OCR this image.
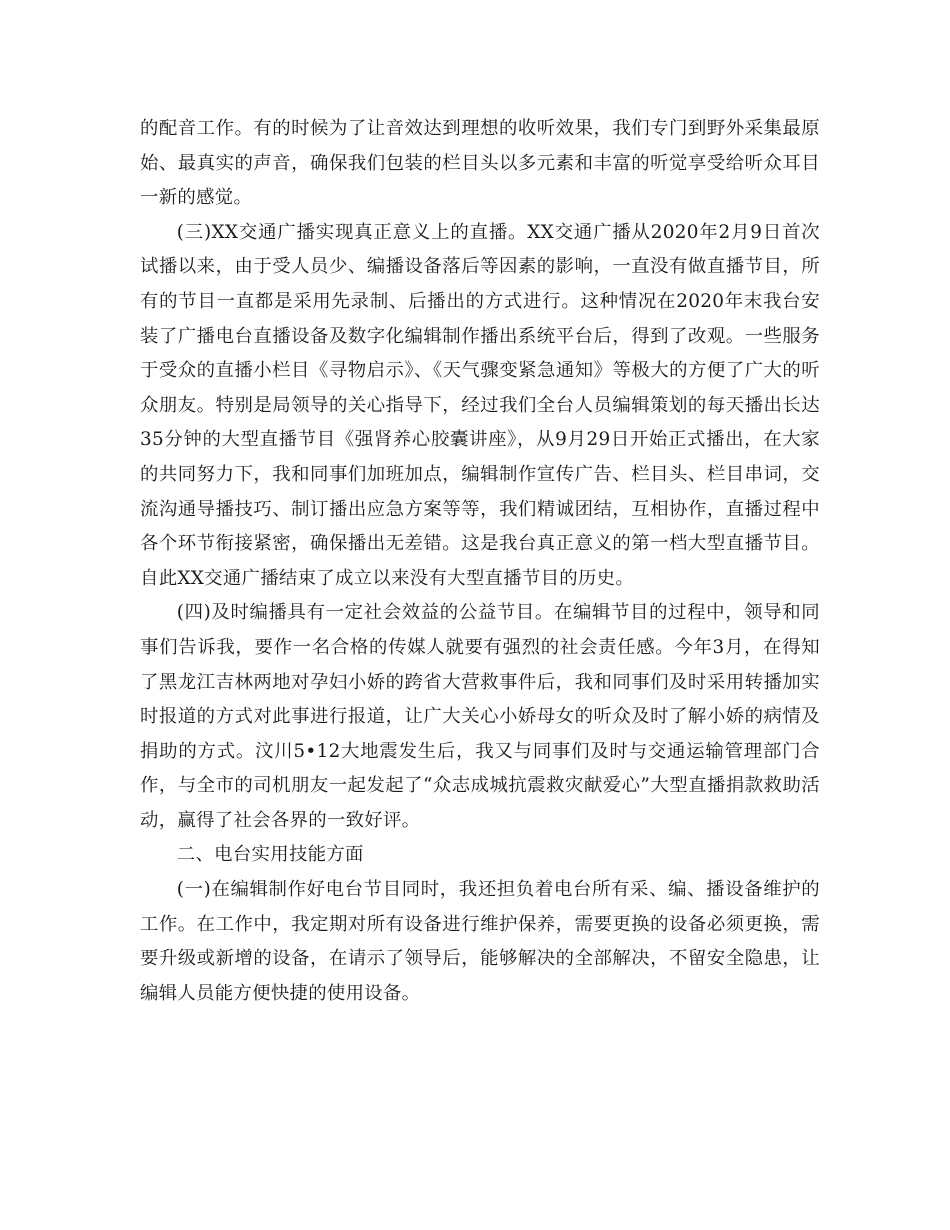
的配音工作。有的时候为了让音效达到理想的收听效果，我们专门到野外采集最原始、最真实的声音，确保我们包装的栏目头以多元素和丰富的听觉享受给听众耳目一新的感觉。

(三)XX交通广播实现真正意义上的直播。XX交通广播从2020年2月9日首次试播以来，由于受人员少、编播设备落后等因素的影响，一直没有做直播节目，所有的节目一直都是采用先录制、后播出的方式进行。这种情况在2020年末我台安装了广播电台直播设备及数字化编辑制作播出系统平台后，得到了改观。一些服务于受众的直播小栏目《寻物启示》、《天气骤变紧急通知》等极大的方便了广大的听众朋友。特别是局领导的关心指导下，经过我们全台人员编辑策划的每天播出长达35分钟的大型直播节目《强肾养心胶囊讲座》，从9月29日开始正式播出，在大家的共同努力下，我和同事们加班加点，编辑制作宣传广告、栏目头、栏目串词，交流沟通导播技巧、制订播出应急方案等等，我们精诚团结，互相协作，直播过程中各个环节衔接紧密，确保播出无差错。这是我台真正意义的第一档大型直播节目。自此XX交通广播结束了成立以来没有大型直播节目的历史。

(四)及时编播具有一定社会效益的公益节目。在编辑节目的过程中，领导和同事们告诉我，要作一名合格的传媒人就要有强烈的社会责任感。今年3月，在得知了黑龙江吉林两地对孕妇小娇的跨省大营救事件后，我和同事们及时采用转播加实时报道的方式对此事进行报道，让广大关心小娇母女的听众及时了解小娇的病情及捐助的方式。汶川5•12大地震发生后，我又与同事们及时与交通运输管理部门合作，与全市的司机朋友一起发起了“众志成城抗震救灾献爱心”大型直播捐款救助活动，赢得了社会各界的一致好评。

二、电台实用技能方面

(一)在编辑制作好电台节目同时，我还担负着电台所有采、编、播设备维护的工作。在工作中，我定期对所有设备进行维护保养，需要更换的设备必须更换，需要升级或新增的设备，在请示了领导后，能够解决的全部解决，不留安全隐患，让编辑人员能方便快捷的使用设备。
